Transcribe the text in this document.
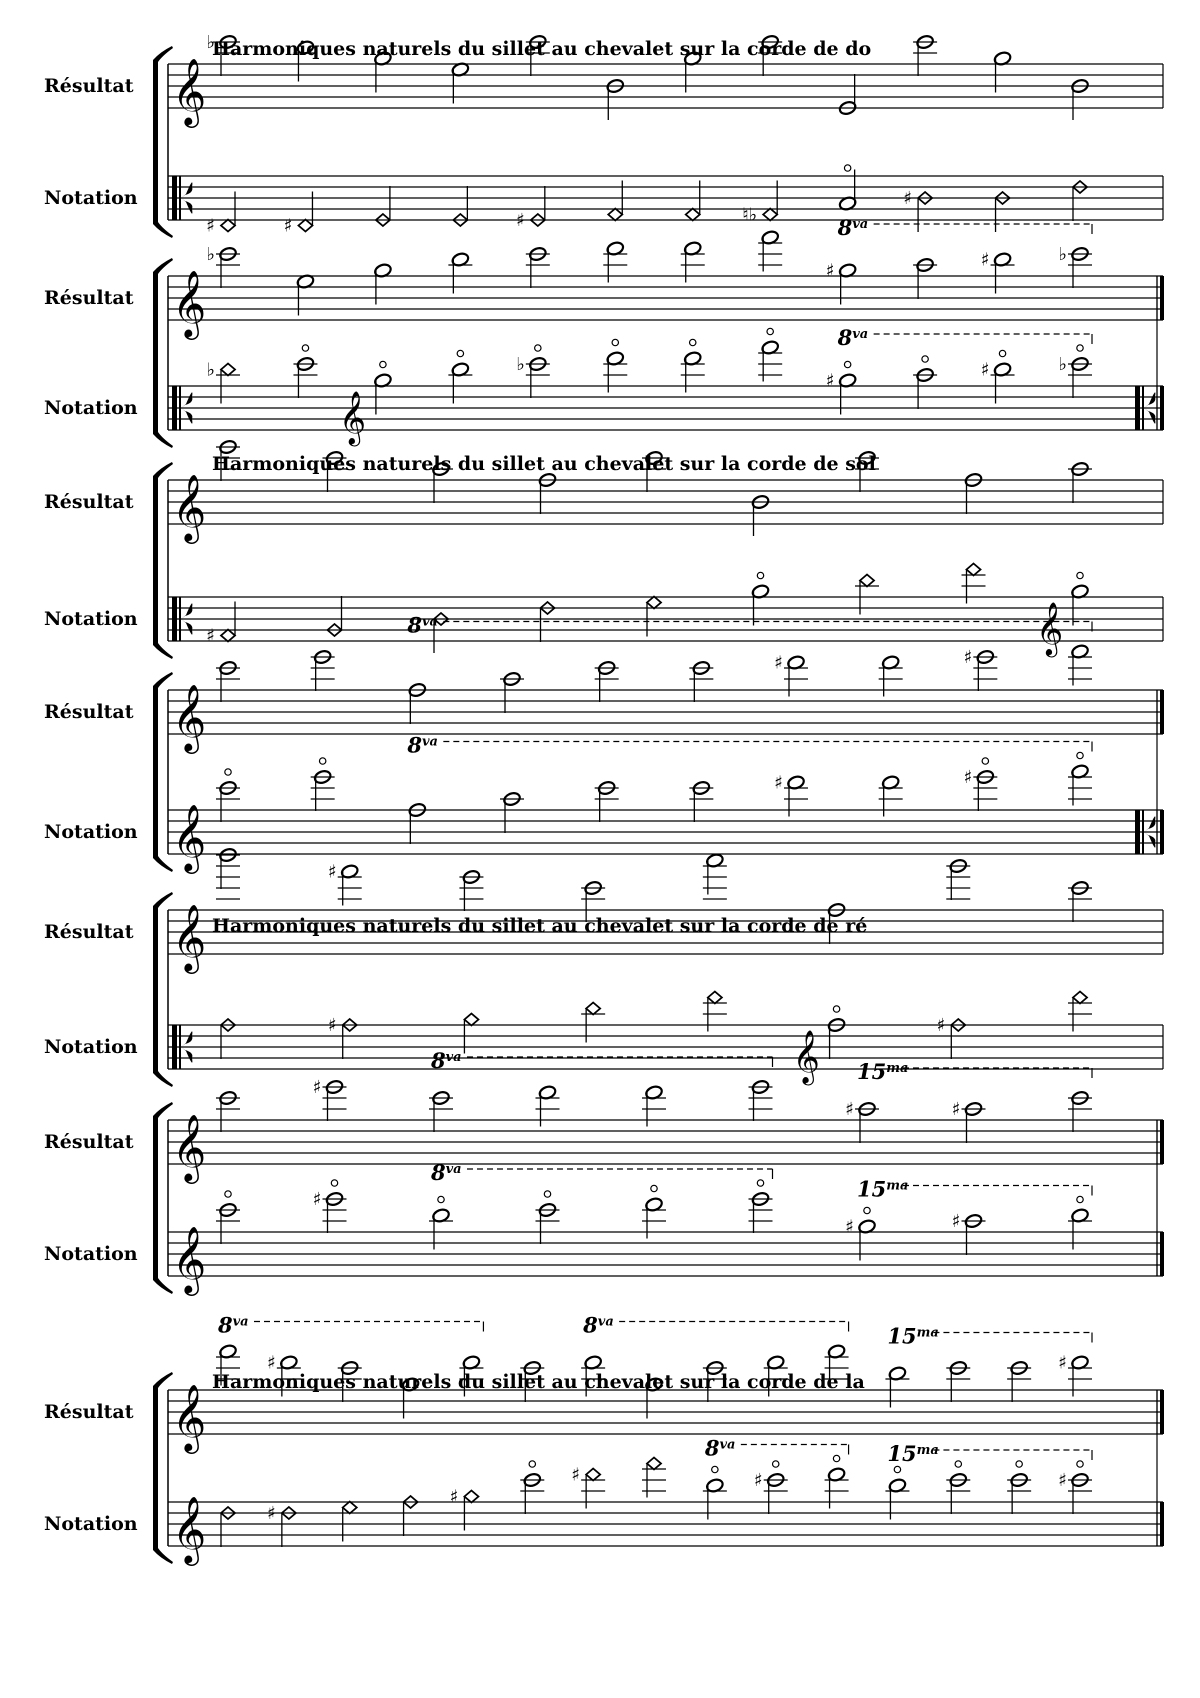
Harmoniques naturels du sillet au chevalet sur la corde de do
𝄞
Résultat
♭
Notation
♯	♯	♯	♮♭
♯
𝄞
Résultat
♭
♯
♯	♭
$8^{va}$
Notation
♭
𝄞
♭
♯
♯	♭
$8^{va}$
Harmoniques naturels du sillet au chevalet sur la corde de sol
𝄞
Résultat
Notation
♯	𝄞
𝄞
Résultat
♯	♯
$8^{va}$
𝄞
Notation
♯	♯
$8^{va}$
Harmoniques naturels du sillet au chevalet sur la corde de ré
𝄞
Résultat
♯
Notation
♯
𝄞
♯
𝄞
Résultat
♯
♯	♯
$8^{va}$
$15^{ma}$
𝄞
Notation
♯
♯	♯
$8^{va}$
$15^{ma}$
Harmoniques naturels du sillet au chevalet sur la corde de la
𝄞
Résultat
♯	♯
$8^{va}$	$8^{va}$
$15^{ma}$
𝄞
Notation	♯
♯
♯	♯	♯
$8^{va}$	$15^{ma}$
